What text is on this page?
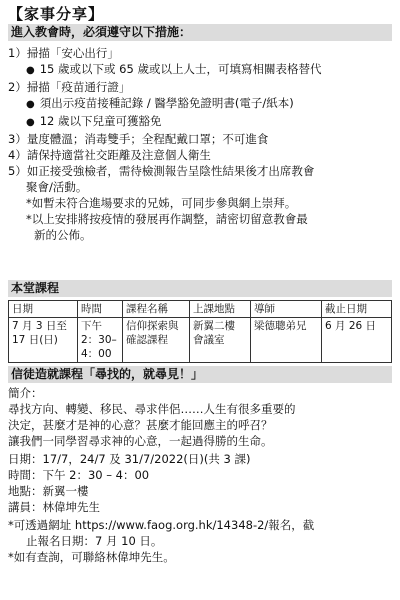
【家事分享】
進入教會時，必須遵守以下措施：
1）掃描「安心出行」
● 15 歲或以下或 65 歲或以上人士，可填寫相關表格替代
2）掃描「疫苗通行證」
● 須出示疫苗接種記錄 / 醫學豁免證明書(電子/紙本)
● 12 歲以下兒童可獲豁免
3）量度體溫；消毒雙手；全程配戴口罩；不可進食
4）請保持適當社交距離及注意個人衛生
5）如正接受強檢者，需待檢測報告呈陰性結果後才出席教會
聚會/活動。
*如暫未符合進場要求的兄姊，可同步參與網上崇拜。
*以上安排將按疫情的發展再作調整，請密切留意教會最
新的公佈。
本堂課程
日期	時間	課程名稱	上課地點	導師	截止日期
7 月 3 日至
17 日(日)	下午
2：30–
4：00	信仰探索與
確認課程	新翼二樓
會議室	梁德聰弟兄	6 月 26 日
信徒造就課程「尋找的，就尋見！」
簡介：
尋找方向、轉變、移民、尋求伴侶……人生有很多重要的
決定，甚麼才是神的心意？甚麼才能回應主的呼召？
讓我們一同學習尋求神的心意，一起過得勝的生命。
日期：17/7，24/7 及 31/7/2022(日)(共 3 課)
時間：下午 2：30 – 4：00
地點：新翼一樓
講員：林偉坤先生
*可透過網址 https://www.faog.org.hk/14348-2/報名，截
止報名日期：7 月 10 日。
*如有查詢，可聯絡林偉坤先生。
